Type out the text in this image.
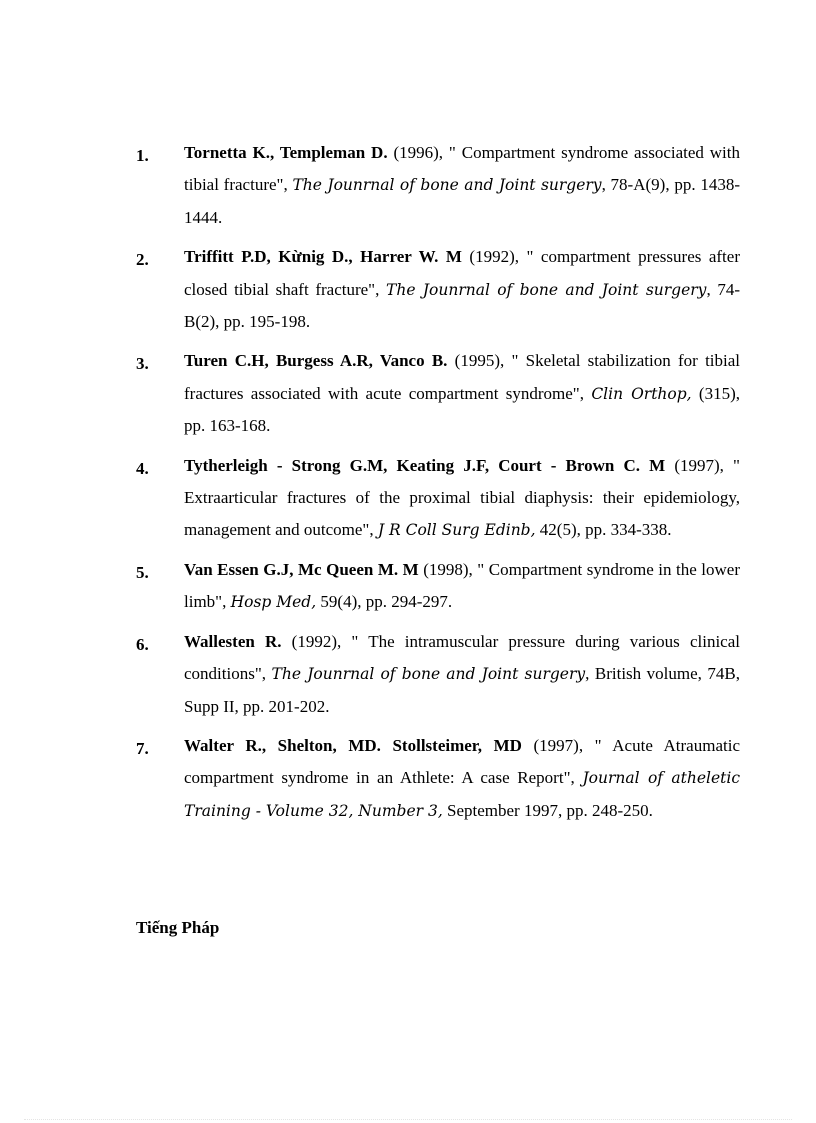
1.	Tornetta K., Templeman D. (1996), " Compartment syndrome associated with tibial fracture", The Jounrnal of bone and Joint surgery, 78-A(9), pp. 1438-1444.
2.	Triffitt P.D, Kừnig D., Harrer W. M (1992), " compartment pressures after closed tibial shaft fracture", The Jounrnal of bone and Joint surgery, 74-B(2), pp. 195-198.
3.	Turen C.H, Burgess A.R, Vanco B. (1995), " Skeletal stabilization for tibial fractures associated with acute compartment syndrome", Clin Orthop, (315), pp. 163-168.
4.	Tytherleigh - Strong G.M, Keating J.F, Court - Brown C. M (1997), " Extraarticular fractures of the proximal tibial diaphysis: their epidemiology, management and outcome", J R Coll Surg Edinb, 42(5), pp. 334-338.
5.	Van Essen G.J, Mc Queen M. M (1998), " Compartment syndrome in the lower limb", Hosp Med, 59(4), pp. 294-297.
6.	Wallesten R. (1992), " The intramuscular pressure during various clinical conditions", The Jounrnal of bone and Joint surgery, British volume, 74B, Supp II, pp. 201-202.
7.	Walter R., Shelton, MD. Stollsteimer, MD (1997), " Acute Atraumatic compartment syndrome in an Athlete: A case Report", Journal of atheletic Training - Volume 32, Number 3, September 1997, pp. 248-250.
Tiếng Pháp
